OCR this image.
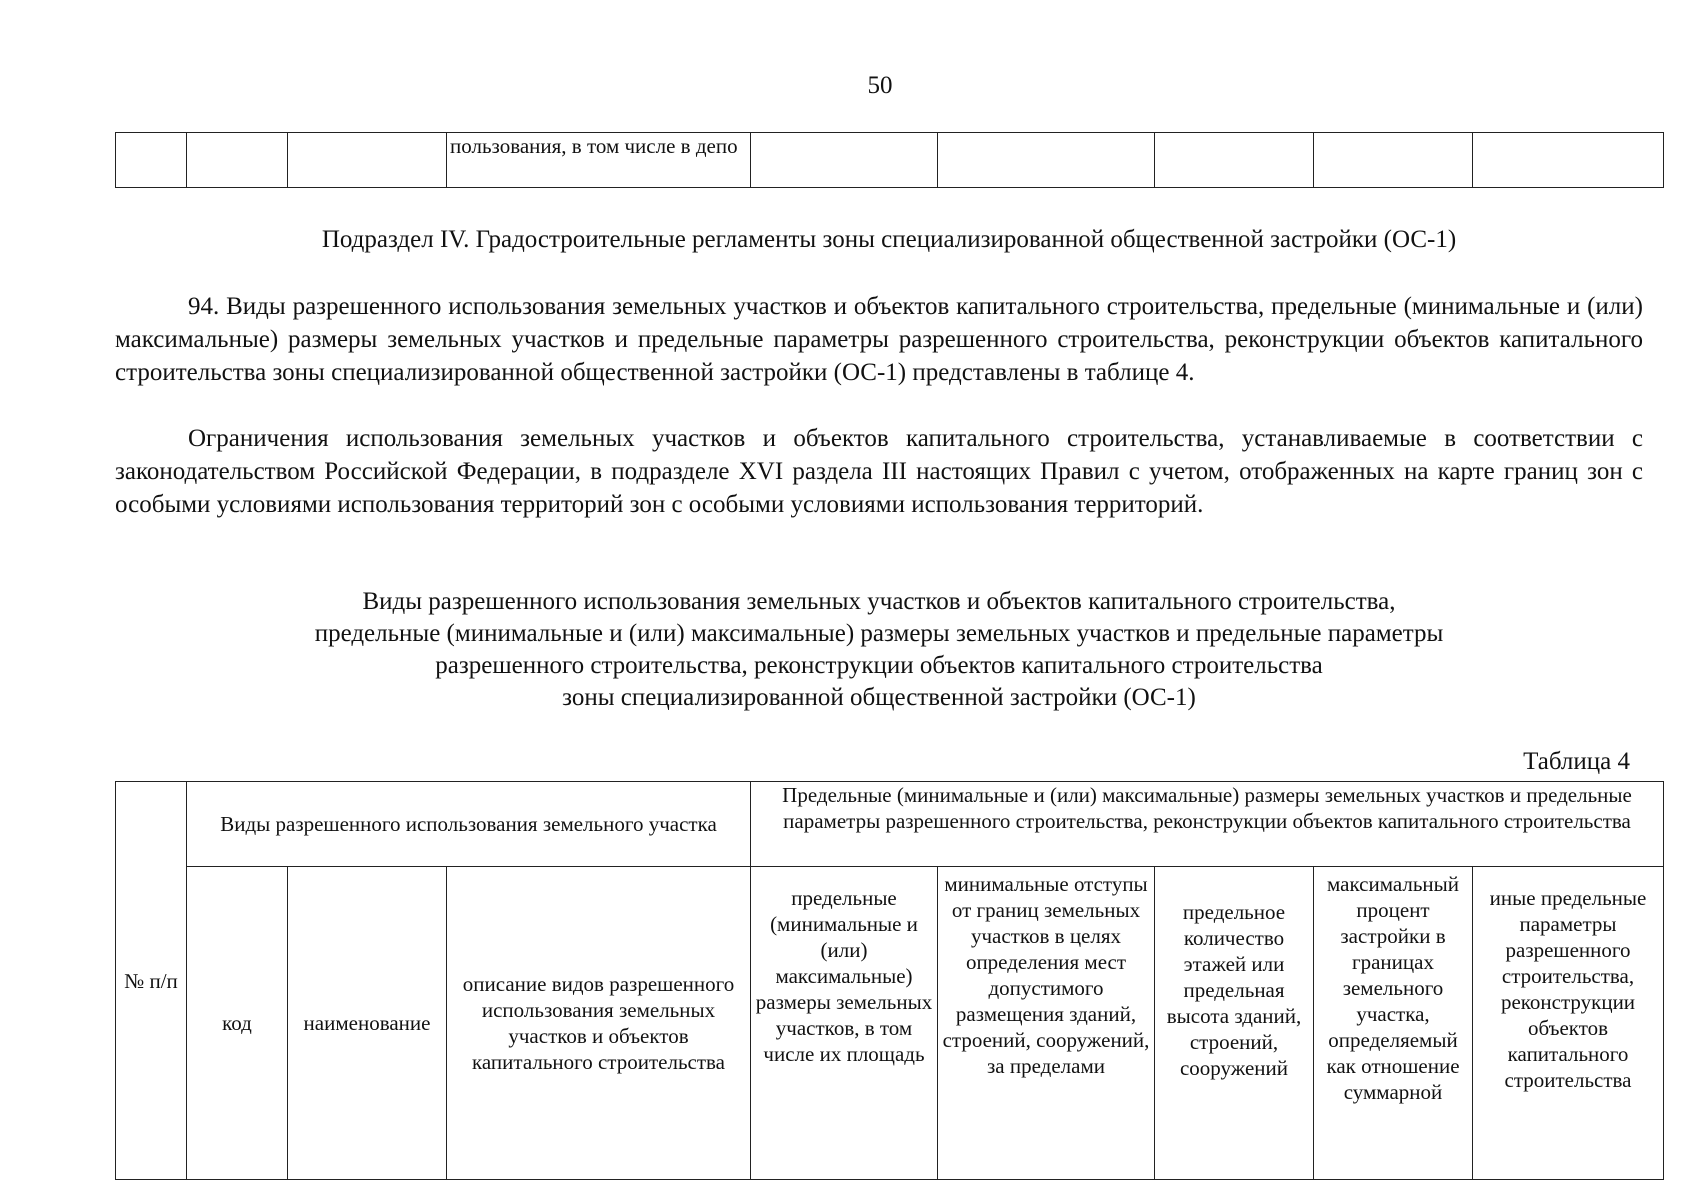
50
			пользования, в том числе в депо					
Подраздел IV. Градостроительные регламенты зоны специализированной общественной застройки (ОС-1)

94. Виды разрешенного использования земельных участков и объектов капитального строительства, предельные (минимальные и (или) максимальные) размеры земельных участков и предельные параметры разрешенного строительства, реконструкции объектов капитального строительства зоны специализированной общественной застройки (ОС-1) представлены в таблице 4.

Ограничения использования земельных участков и объектов капитального строительства, устанавливаемые в соответствии с законодательством Российской Федерации, в подразделе XVI раздела III настоящих Правил с учетом, отображенных на карте границ зон с особыми условиями использования территорий зон с особыми условиями использования территорий.

Виды разрешенного использования земельных участков и объектов капитального строительства,
предельные (минимальные и (или) максимальные) размеры земельных участков и предельные параметры
разрешенного строительства, реконструкции объектов капитального строительства
зоны специализированной общественной застройки (ОС-1)
Таблица 4
№ п/п	Виды разрешенного использования земельного участка			Предельные (минимальные и (или) максимальные) размеры земельных участков и предельные параметры разрешенного строительства, реконструкции объектов капитального строительства				
	код	наименование	описание видов разрешенного использования земельных участков и объектов капитального строительства	предельные (минимальные и (или) максимальные) размеры земельных участков, в том числе их площадь	минимальные отступы от границ земельных участков в целях определения мест допустимого размещения зданий, строений, сооружений, за пределами	предельное количество этажей или предельная высота зданий, строений, сооружений	максимальный процент застройки в границах земельного участка, определяемый как отношение суммарной	иные предельные параметры разрешенного строительства, реконструкции объектов капитального строительства
